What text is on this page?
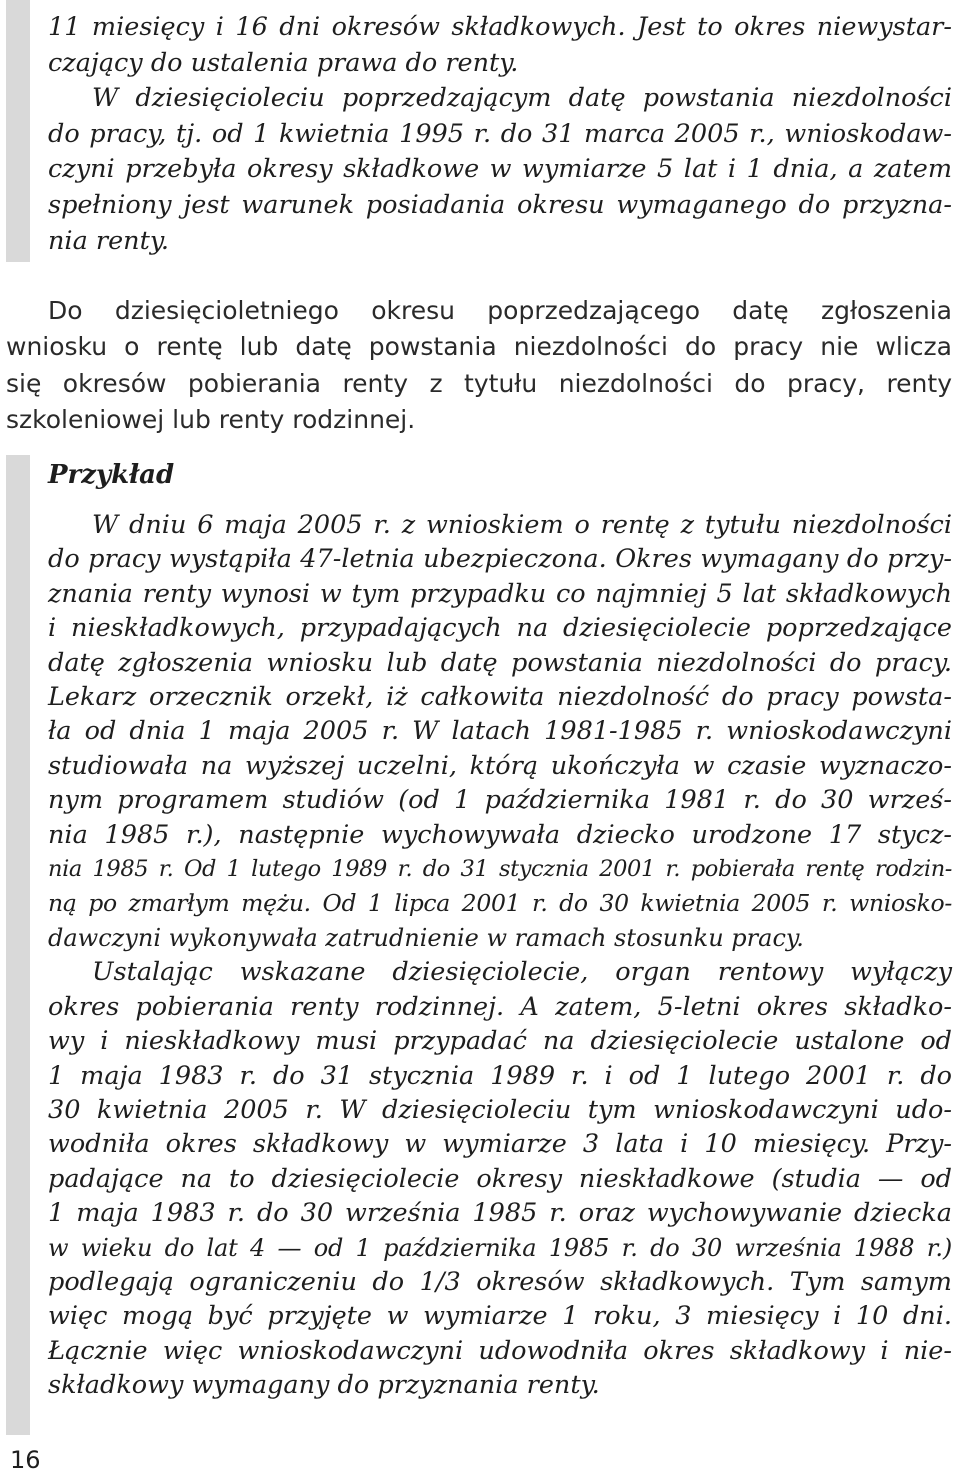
11 miesięcy i 16 dni okresów składkowych. Jest to okres niewystar-
czający do ustalenia prawa do renty.
W dziesięcioleciu poprzedzającym datę powstania niezdolności
do pracy, tj. od 1 kwietnia 1995 r. do 31 marca 2005 r., wnioskodaw-
czyni przebyła okresy składkowe w wymiarze 5 lat i 1 dnia, a zatem
spełniony jest warunek posiadania okresu wymaganego do przyzna-
nia renty.
Do dziesięcioletniego okresu poprzedzającego datę zgłoszenia
wniosku o rentę lub datę powstania niezdolności do pracy nie wlicza
się okresów pobierania renty z tytułu niezdolności do pracy, renty
szkoleniowej lub renty rodzinnej.
Przykład
W dniu 6 maja 2005 r. z wnioskiem o rentę z tytułu niezdolności
do pracy wystąpiła 47-letnia ubezpieczona. Okres wymagany do przy-
znania renty wynosi w tym przypadku co najmniej 5 lat składkowych
i nieskładkowych, przypadających na dziesięciolecie poprzedzające
datę zgłoszenia wniosku lub datę powstania niezdolności do pracy.
Lekarz orzecznik orzekł, iż całkowita niezdolność do pracy powsta-
ła od dnia 1 maja 2005 r. W latach 1981-1985 r. wnioskodawczyni
studiowała na wyższej uczelni, którą ukończyła w czasie wyznaczo-
nym programem studiów (od 1 października 1981 r. do 30 wrześ-
nia 1985 r.), następnie wychowywała dziecko urodzone 17 stycz-
nia 1985 r. Od 1 lutego 1989 r. do 31 stycznia 2001 r. pobierała rentę rodzin-
ną po zmarłym mężu. Od 1 lipca 2001 r. do 30 kwietnia 2005 r. wniosko-
dawczyni wykonywała zatrudnienie w ramach stosunku pracy.
Ustalając wskazane dziesięciolecie, organ rentowy wyłączy
okres pobierania renty rodzinnej. A zatem, 5-letni okres składko-
wy i nieskładkowy musi przypadać na dziesięciolecie ustalone od
1 maja 1983 r. do 31 stycznia 1989 r. i od 1 lutego 2001 r. do
30 kwietnia 2005 r. W dziesięcioleciu tym wnioskodawczyni udo-
wodniła okres składkowy w wymiarze 3 lata i 10 miesięcy. Przy-
padające na to dziesięciolecie okresy nieskładkowe (studia — od
1 maja 1983 r. do 30 września 1985 r. oraz wychowywanie dziecka
w wieku do lat 4 — od 1 października 1985 r. do 30 września 1988 r.)
podlegają ograniczeniu do 1/3 okresów składkowych. Tym samym
więc mogą być przyjęte w wymiarze 1 roku, 3 miesięcy i 10 dni.
Łącznie więc wnioskodawczyni udowodniła okres składkowy i nie-
składkowy wymagany do przyznania renty.
16
